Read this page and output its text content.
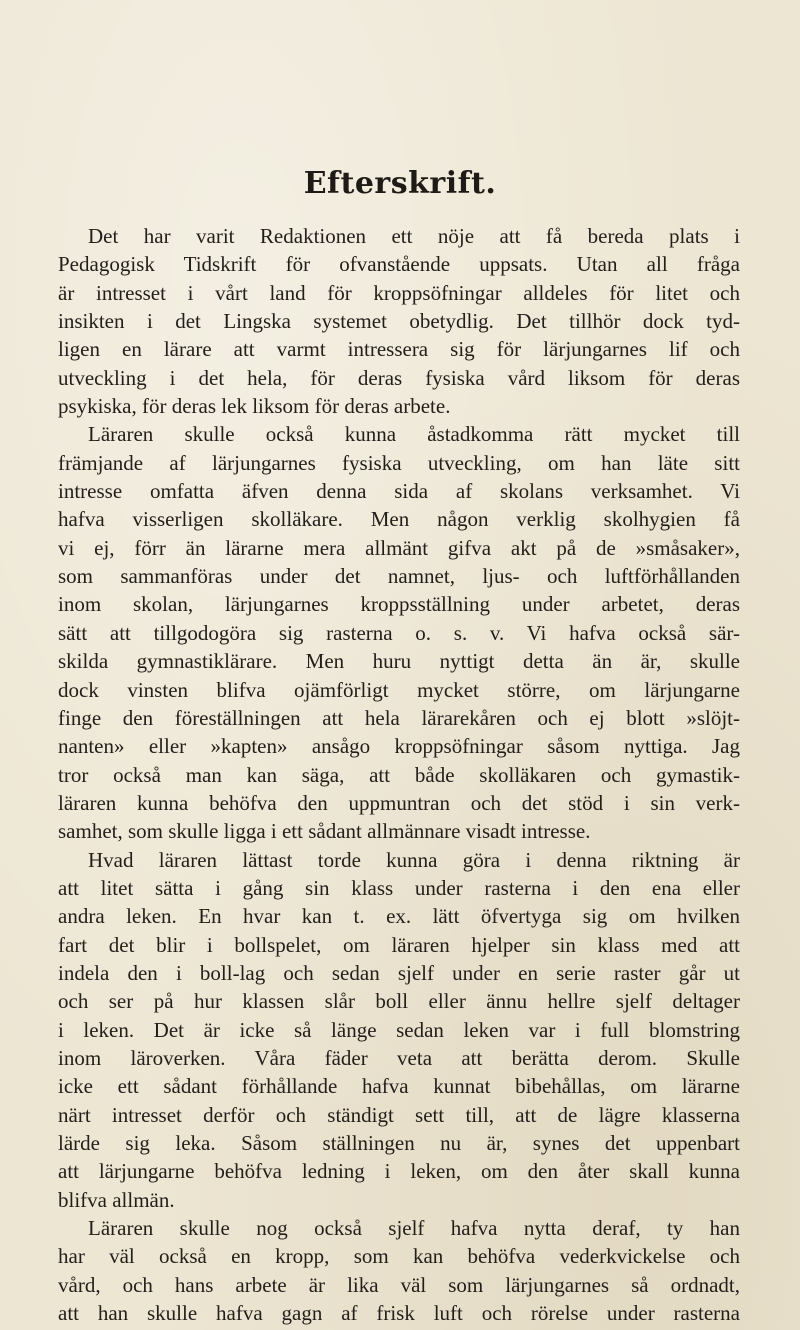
Efterskrift.

Det har varit Redaktionen ett nöje att få bereda plats i
Pedagogisk Tidskrift för ofvanstående uppsats. Utan all fråga
är intresset i vårt land för kroppsöfningar alldeles för litet och
insikten i det Lingska systemet obetydlig. Det tillhör dock tyd-
ligen en lärare att varmt intressera sig för lärjungarnes lif och
utveckling i det hela, för deras fysiska vård liksom för deras
psykiska, för deras lek liksom för deras arbete.

Läraren skulle också kunna åstadkomma rätt mycket till
främjande af lärjungarnes fysiska utveckling, om han läte sitt
intresse omfatta äfven denna sida af skolans verksamhet. Vi
hafva visserligen skolläkare. Men någon verklig skolhygien få
vi ej, förr än lärarne mera allmänt gifva akt på de »småsaker»,
som sammanföras under det namnet, ljus- och luftförhållanden
inom skolan, lärjungarnes kroppsställning under arbetet, deras
sätt att tillgodogöra sig rasterna o. s. v. Vi hafva också sär-
skilda gymnastiklärare. Men huru nyttigt detta än är, skulle
dock vinsten blifva ojämförligt mycket större, om lärjungarne
finge den föreställningen att hela lärarekåren och ej blott »slöjt-
nanten» eller »kapten» ansågo kroppsöfningar såsom nyttiga. Jag
tror också man kan säga, att både skolläkaren och gymastik-
läraren kunna behöfva den uppmuntran och det stöd i sin verk-
samhet, som skulle ligga i ett sådant allmännare visadt intresse.

Hvad läraren lättast torde kunna göra i denna riktning är
att litet sätta i gång sin klass under rasterna i den ena eller
andra leken. En hvar kan t. ex. lätt öfvertyga sig om hvilken
fart det blir i bollspelet, om läraren hjelper sin klass med att
indela den i boll-lag och sedan sjelf under en serie raster går ut
och ser på hur klassen slår boll eller ännu hellre sjelf deltager
i leken. Det är icke så länge sedan leken var i full blomstring
inom läroverken. Våra fäder veta att berätta derom. Skulle
icke ett sådant förhållande hafva kunnat bibehållas, om lärarne
närt intresset derför och ständigt sett till, att de lägre klasserna
lärde sig leka. Såsom ställningen nu är, synes det uppenbart
att lärjungarne behöfva ledning i leken, om den åter skall kunna
blifva allmän.

Läraren skulle nog också sjelf hafva nytta deraf, ty han
har väl också en kropp, som kan behöfva vederkvickelse och
vård, och hans arbete är lika väl som lärjungarnes så ordnadt,
att han skulle hafva gagn af frisk luft och rörelse under rasterna
